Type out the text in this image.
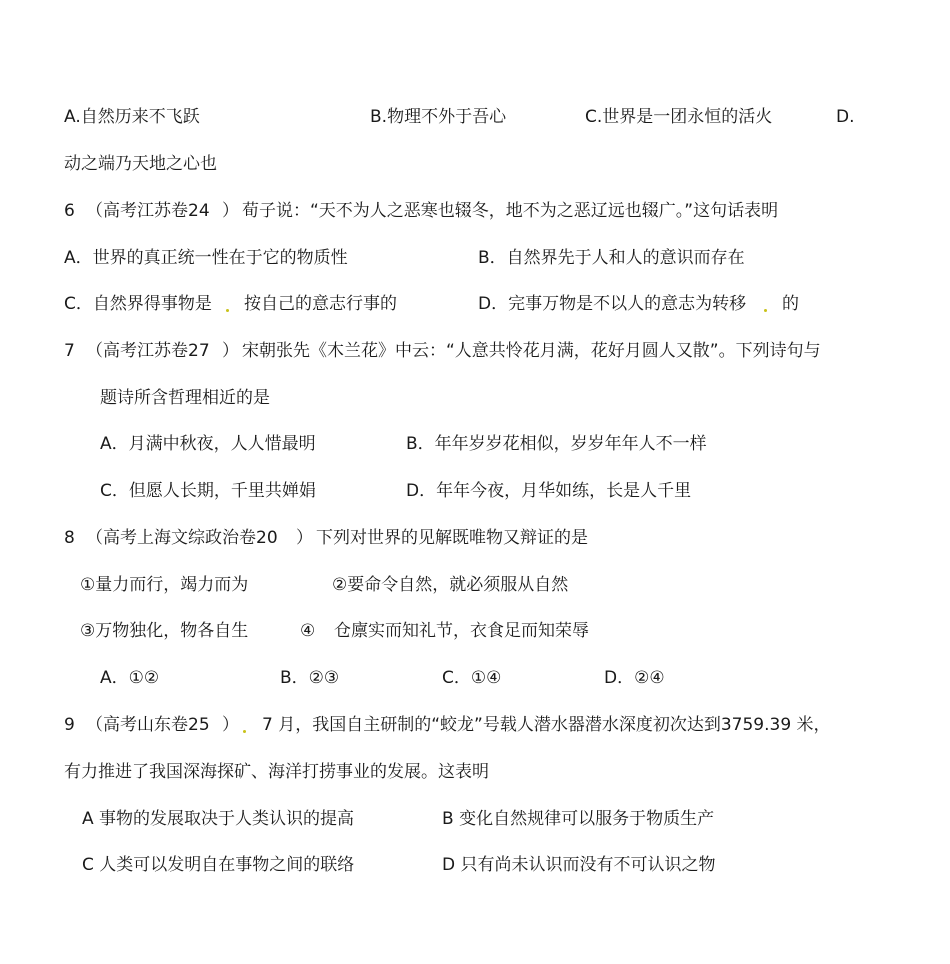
A.自然历来不飞跃	B.物理不外于吾心	C.世界是一团永恒的活火	D.
动之端乃天地之心也
6 （高考江苏卷24 ） 荀子说：“天不为人之恶寒也辍冬，地不为之恶辽远也辍广。”这句话表明
A．世界的真正统一性在于它的物质性	B．自然界先于人和人的意识而存在
C．自然界得事物是 按自己的意志行事的	D．完事万物是不以人的意志为转移 的
7 （高考江苏卷27 ） 宋朝张先《木兰花》中云：“人意共怜花月满，花好月圆人又散”。下列诗句与
题诗所含哲理相近的是
A．月满中秋夜，人人惜最明	B．年年岁岁花相似，岁岁年年人不一样
C．但愿人长期，千里共婵娟	D．年年今夜，月华如练，长是人千里
8 （高考上海文综政治卷20 ） 下列对世界的见解既唯物又辩证的是
①量力而行，竭力而为	②要命令自然，就必须服从自然
③万物独化，物各自生	④ 仓廪实而知礼节，衣食足而知荣辱
A．①②	B．②③	C．①④	D．②④
9 （高考山东卷25 ） 7 月，我国自主研制的“蛟龙”号载人潜水器潜水深度初次达到3759.39 米，
有力推进了我国深海探矿、海洋打捞事业的发展。这表明
A 事物的发展取决于人类认识的提高	B 变化自然规律可以服务于物质生产
C 人类可以发明自在事物之间的联络	D 只有尚未认识而没有不可认识之物
